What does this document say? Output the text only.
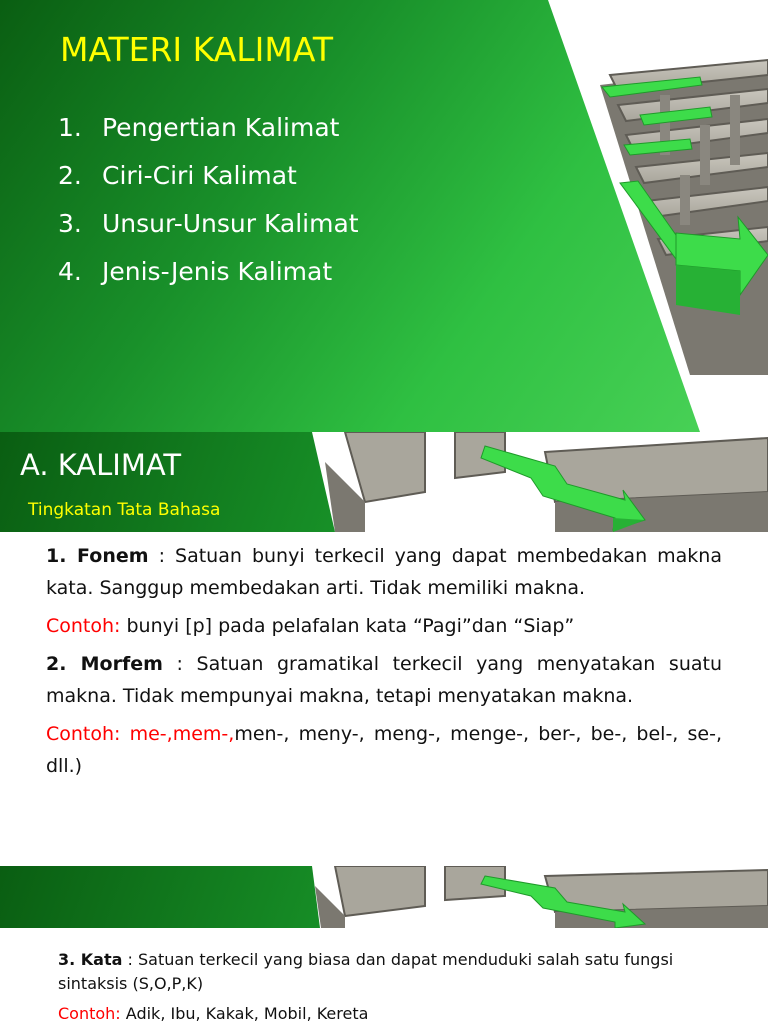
MATERI KALIMAT
1. Pengertian Kalimat
2. Ciri-Ciri Kalimat
3. Unsur-Unsur Kalimat
4. Jenis-Jenis Kalimat
A. KALIMAT
Tingkatan Tata Bahasa

1. Fonem : Satuan bunyi terkecil yang dapat membedakan makna kata. Sanggup membedakan arti. Tidak memiliki makna.

Contoh: bunyi [p] pada pelafalan kata “Pagi”dan “Siap”

2. Morfem : Satuan gramatikal terkecil yang menyatakan suatu makna. Tidak mempunyai makna, tetapi menyatakan makna.

Contoh: me-,mem-,men-, meny-, meng-, menge-, ber-, be-, bel-, se-, dll.)

3. Kata : Satuan terkecil yang biasa dan dapat menduduki salah satu fungsi sintaksis (S,O,P,K)

Contoh: Adik, Ibu, Kakak, Mobil, Kereta
